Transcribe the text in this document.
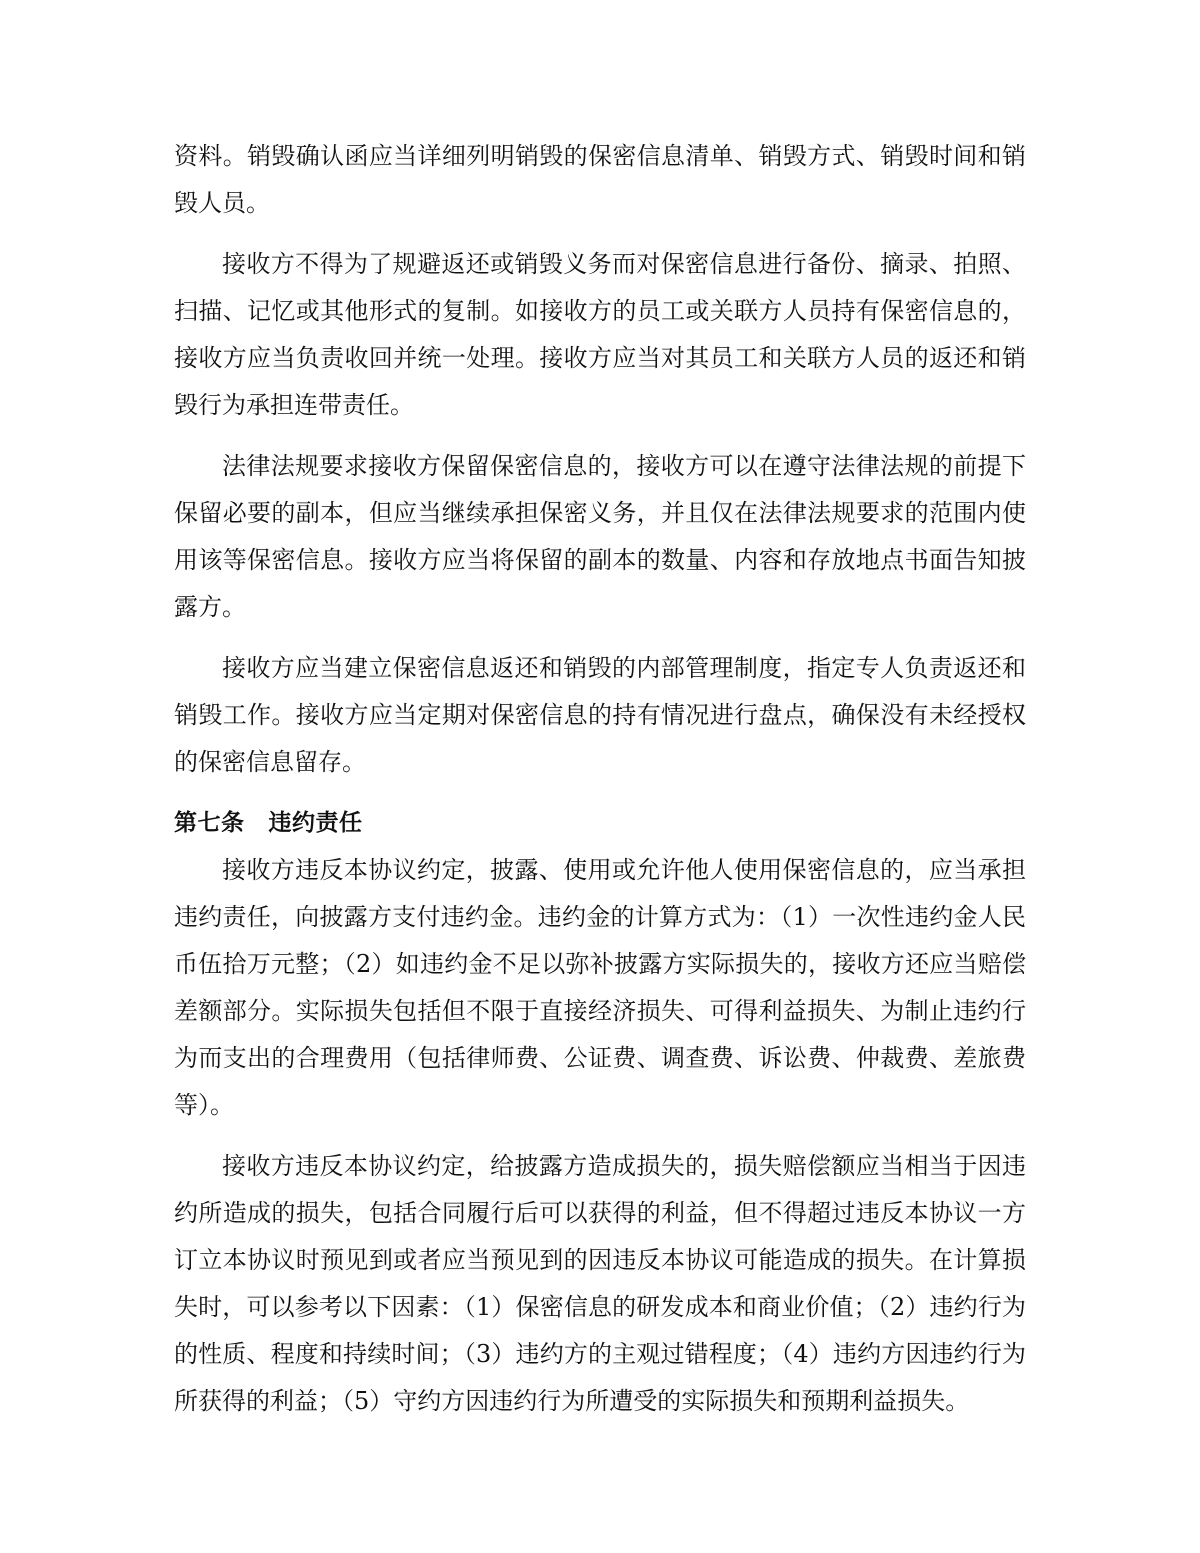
资料。销毁确认函应当详细列明销毁的保密信息清单、销毁方式、销毁时间和销毁人员。

接收方不得为了规避返还或销毁义务而对保密信息进行备份、摘录、拍照、扫描、记忆或其他形式的复制。如接收方的员工或关联方人员持有保密信息的，接收方应当负责收回并统一处理。接收方应当对其员工和关联方人员的返还和销毁行为承担连带责任。

法律法规要求接收方保留保密信息的，接收方可以在遵守法律法规的前提下保留必要的副本，但应当继续承担保密义务，并且仅在法律法规要求的范围内使用该等保密信息。接收方应当将保留的副本的数量、内容和存放地点书面告知披露方。

接收方应当建立保密信息返还和销毁的内部管理制度，指定专人负责返还和销毁工作。接收方应当定期对保密信息的持有情况进行盘点，确保没有未经授权的保密信息留存。

第七条 违约责任

接收方违反本协议约定，披露、使用或允许他人使用保密信息的，应当承担违约责任，向披露方支付违约金。违约金的计算方式为：（1）一次性违约金人民币伍拾万元整；（2）如违约金不足以弥补披露方实际损失的，接收方还应当赔偿差额部分。实际损失包括但不限于直接经济损失、可得利益损失、为制止违约行为而支出的合理费用（包括律师费、公证费、调查费、诉讼费、仲裁费、差旅费等）。

接收方违反本协议约定，给披露方造成损失的，损失赔偿额应当相当于因违约所造成的损失，包括合同履行后可以获得的利益，但不得超过违反本协议一方订立本协议时预见到或者应当预见到的因违反本协议可能造成的损失。在计算损失时，可以参考以下因素：（1）保密信息的研发成本和商业价值；（2）违约行为的性质、程度和持续时间；（3）违约方的主观过错程度；（4）违约方因违约行为所获得的利益；（5）守约方因违约行为所遭受的实际损失和预期利益损失。
